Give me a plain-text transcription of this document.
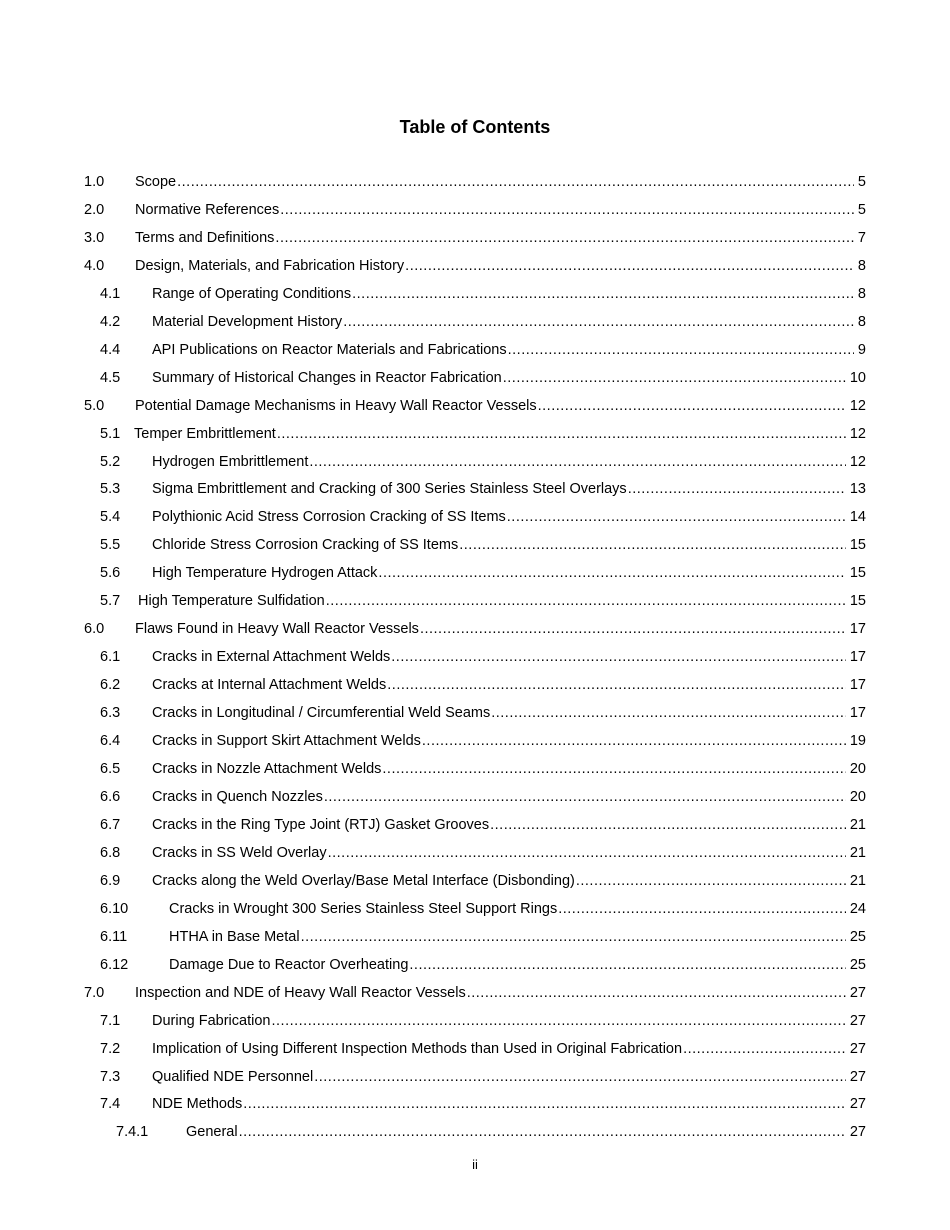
Table of Contents
1.0 Scope .....	5
2.0 Normative References .....	5
3.0 Terms and Definitions .....	7
4.0 Design, Materials, and Fabrication History .....	8
4.1 Range of Operating Conditions .....	8
4.2 Material Development History .....	8
4.4 API Publications on Reactor Materials and Fabrications .....	9
4.5 Summary of Historical Changes in Reactor Fabrication .....	10
5.0 Potential Damage Mechanisms in Heavy Wall Reactor Vessels .....	12
5.1 Temper Embrittlement .....	12
5.2 Hydrogen Embrittlement .....	12
5.3 Sigma Embrittlement and Cracking of 300 Series Stainless Steel Overlays .....	13
5.4 Polythionic Acid Stress Corrosion Cracking of SS Items .....	14
5.5 Chloride Stress Corrosion Cracking of SS Items .....	15
5.6 High Temperature Hydrogen Attack .....	15
5.7 High Temperature Sulfidation .....	15
6.0 Flaws Found in Heavy Wall Reactor Vessels .....	17
6.1 Cracks in External Attachment Welds .....	17
6.2 Cracks at Internal Attachment Welds .....	17
6.3 Cracks in Longitudinal / Circumferential Weld Seams .....	17
6.4 Cracks in Support Skirt Attachment Welds .....	19
6.5 Cracks in Nozzle Attachment Welds .....	20
6.6 Cracks in Quench Nozzles .....	20
6.7 Cracks in the Ring Type Joint (RTJ) Gasket Grooves .....	21
6.8 Cracks in SS Weld Overlay .....	21
6.9 Cracks along the Weld Overlay/Base Metal Interface (Disbonding) .....	21
6.10	Cracks in Wrought 300 Series Stainless Steel Support Rings .....	24
6.11	HTHA in Base Metal .....	25
6.12	Damage Due to Reactor Overheating .....	25
7.0 Inspection and NDE of Heavy Wall Reactor Vessels .....	27
7.1 During Fabrication .....	27
7.2 Implication of Using Different Inspection Methods than Used in Original Fabrication .....	27
7.3 Qualified NDE Personnel .....	27
7.4 NDE Methods .....	27
7.4.1	General .....	27
ii
